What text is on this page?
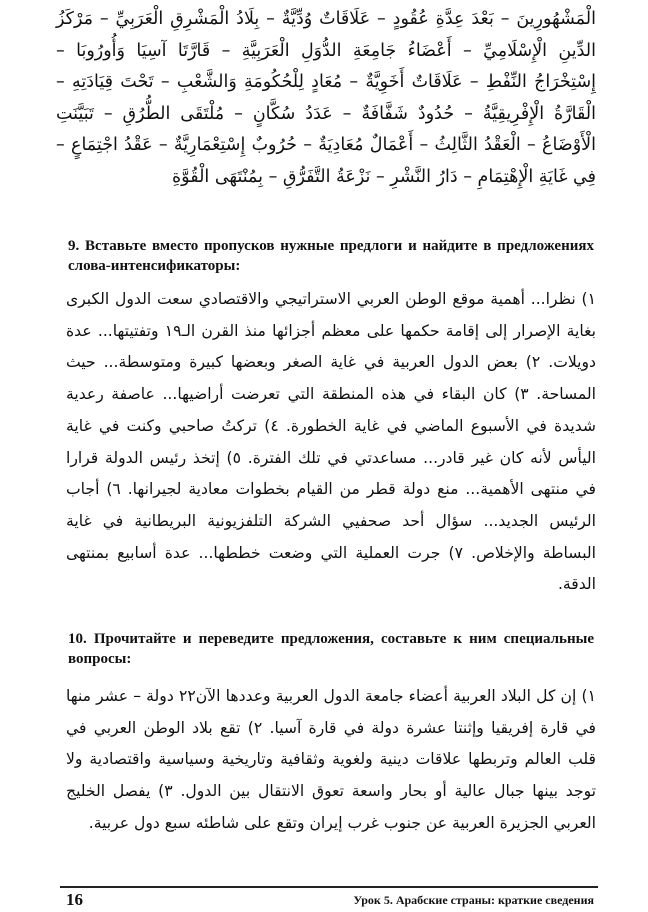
الْمَشْهُورِينَ – بَعْدَ عِدَّةِ عُقُودٍ – عَلَاقَاتٌ وُدِّيَّةٌ – بِلَادُ الْمَشْرِقِ الْعَرَبِيِّ – مَرْكَزُ الدِّينِ الْإِسْلَامِيِّ – أَعْضَاءُ جَامِعَةِ الدُّوَلِ الْعَرَبِيَّةِ – قَارَّتَا آسِيَا وَأُورُوبَا – إِسْتِخْرَاجُ النِّفْطِ – عَلَاقَاتٌ أَخَوِيَّةٌ – مُعَادٍ لِلْحُكُومَةِ وَالشَّعْبِ – تَحْتَ قِيَادَتِهِ – الْقَارَّةُ الْإِفْرِيقِيَّةُ – حُدُودٌ شَفَّافَةٌ – عَدَدُ سُكَّانٍ – مُلْتَقَى الطُّرُقِ – تَبَيَّنَتِ الْأَوْضَاعُ – الْعَقْدُ الثَّالِثُ – أَعْمَالٌ مُعَادِيَةٌ – حُرُوبٌ إِسْتِعْمَارِيَّةٌ – عَقْدُ اجْتِمَاعٍ – فِي غَايَةِ الْإِهْتِمَامِ – دَارُ النَّشْرِ – نَزْعَةُ التَّفَرُّقِ – بِمُنْتَهَى الْقُوَّةِ

9. Вставьте вместо пропусков нужные предлоги и найдите в предложениях слова-интенсификаторы:

١) نظرا... أهمية موقع الوطن العربي الاستراتيجي والاقتصادي سعت الدول الكبرى بغاية الإصرار إلى إقامة حكمها على معظم أجزائها منذ القرن الـ١٩ وتفتيتها... عدة دويلات. ٢) بعض الدول العربية في غاية الصغر وبعضها كبيرة ومتوسطة... حيث المساحة. ٣) كان البقاء في هذه المنطقة التي تعرضت أراضيها... عاصفة رعدية شديدة في الأسبوع الماضي في غاية الخطورة. ٤) تركتُ صاحبي وكنت في غاية اليأس لأنه كان غير قادر... مساعدتي في تلك الفترة. ٥) إتخذ رئيس الدولة قرارا في منتهى الأهمية... منع دولة قطر من القيام بخطوات معادية لجيرانها. ٦) أجاب الرئيس الجديد... سؤال أحد صحفيي الشركة التلفزيونية البريطانية في غاية البساطة والإخلاص. ٧) جرت العملية التي وضعت خططها... عدة أسابيع بمنتهى الدقة.

10. Прочитайте и переведите предложения, составьте к ним специальные вопросы:

١) إن كل البلاد العربية أعضاء جامعة الدول العربية وعددها الآن٢٢ دولة – عشر منها في قارة إفريقيا وإثنتا عشرة دولة في قارة آسيا. ٢) تقع بلاد الوطن العربي في قلب العالم وتربطها علاقات دينية ولغوية وثقافية وتاريخية وسياسية واقتصادية ولا توجد بينها جبال عالية أو بحار واسعة تعوق الانتقال بين الدول. ٣) يفصل الخليج العربي الجزيرة العربية عن جنوب غرب إيران وتقع على شاطئه سبع دول عربية.

16	Урок 5. Арабские страны: краткие сведения
